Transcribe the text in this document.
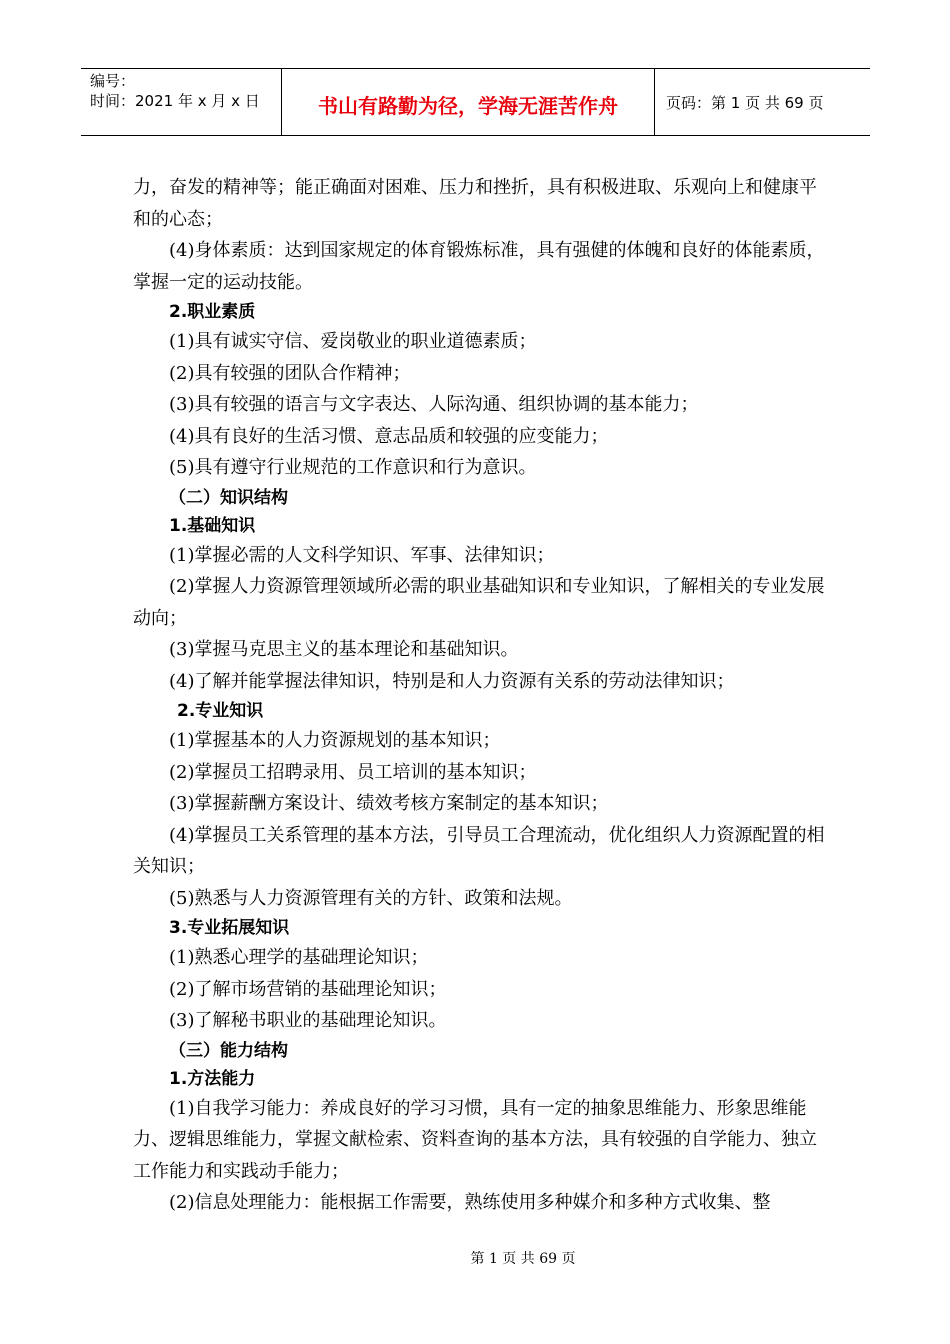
编号：
时间：2021 年 x 月 x 日	书山有路勤为径，学海无涯苦作舟	页码：第 1 页 共 69 页

力，奋发的精神等；能正确面对困难、压力和挫折，具有积极进取、乐观向上和健康平和的心态；

(4)身体素质：达到国家规定的体育锻炼标准，具有强健的体魄和良好的体能素质，掌握一定的运动技能。

2.职业素质

(1)具有诚实守信、爱岗敬业的职业道德素质；

(2)具有较强的团队合作精神；

(3)具有较强的语言与文字表达、人际沟通、组织协调的基本能力；

(4)具有良好的生活习惯、意志品质和较强的应变能力；

(5)具有遵守行业规范的工作意识和行为意识。

（二）知识结构

1.基础知识

(1)掌握必需的人文科学知识、军事、法律知识；

(2)掌握人力资源管理领域所必需的职业基础知识和专业知识，了解相关的专业发展动向；

(3)掌握马克思主义的基本理论和基础知识。

(4)了解并能掌握法律知识，特别是和人力资源有关系的劳动法律知识；

2.专业知识

(1)掌握基本的人力资源规划的基本知识；

(2)掌握员工招聘录用、员工培训的基本知识；

(3)掌握薪酬方案设计、绩效考核方案制定的基本知识；

(4)掌握员工关系管理的基本方法，引导员工合理流动，优化组织人力资源配置的相关知识；

(5)熟悉与人力资源管理有关的方针、政策和法规。

3.专业拓展知识

(1)熟悉心理学的基础理论知识；

(2)了解市场营销的基础理论知识；

(3)了解秘书职业的基础理论知识。

（三）能力结构

1.方法能力

(1)自我学习能力：养成良好的学习习惯，具有一定的抽象思维能力、形象思维能力、逻辑思维能力，掌握文献检索、资料查询的基本方法，具有较强的自学能力、独立工作能力和实践动手能力；

(2)信息处理能力：能根据工作需要，熟练使用多种媒介和多种方式收集、整

第 1 页 共 69 页
